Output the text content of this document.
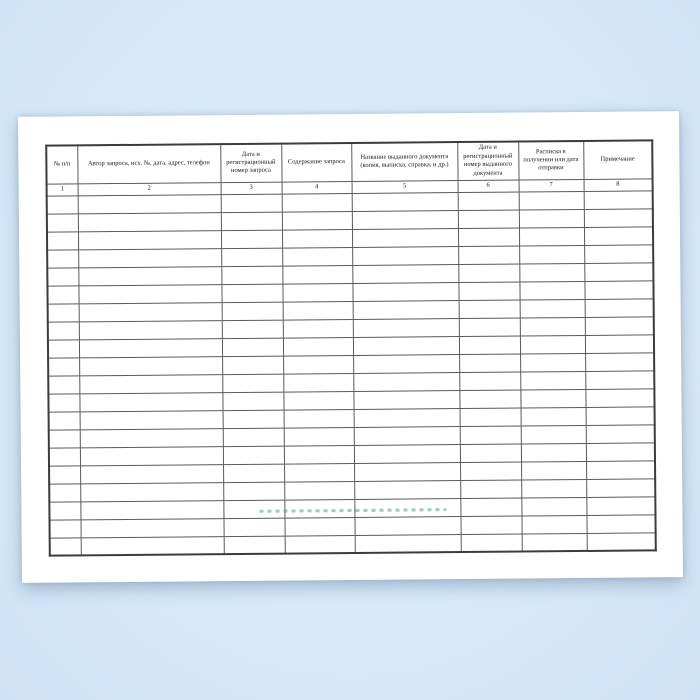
№ п/п	Автор запроса, исх. №, дата, адрес, телефон	Дата и регистрационный номер запроса	Содержание запроса	Название выданного документа (копия, выписка, справка, и др.)	Дата и регистрационный номер выданного документа	Расписка в получении или дата отправки	Примечание
1	2	3	4	5	6	7	8
